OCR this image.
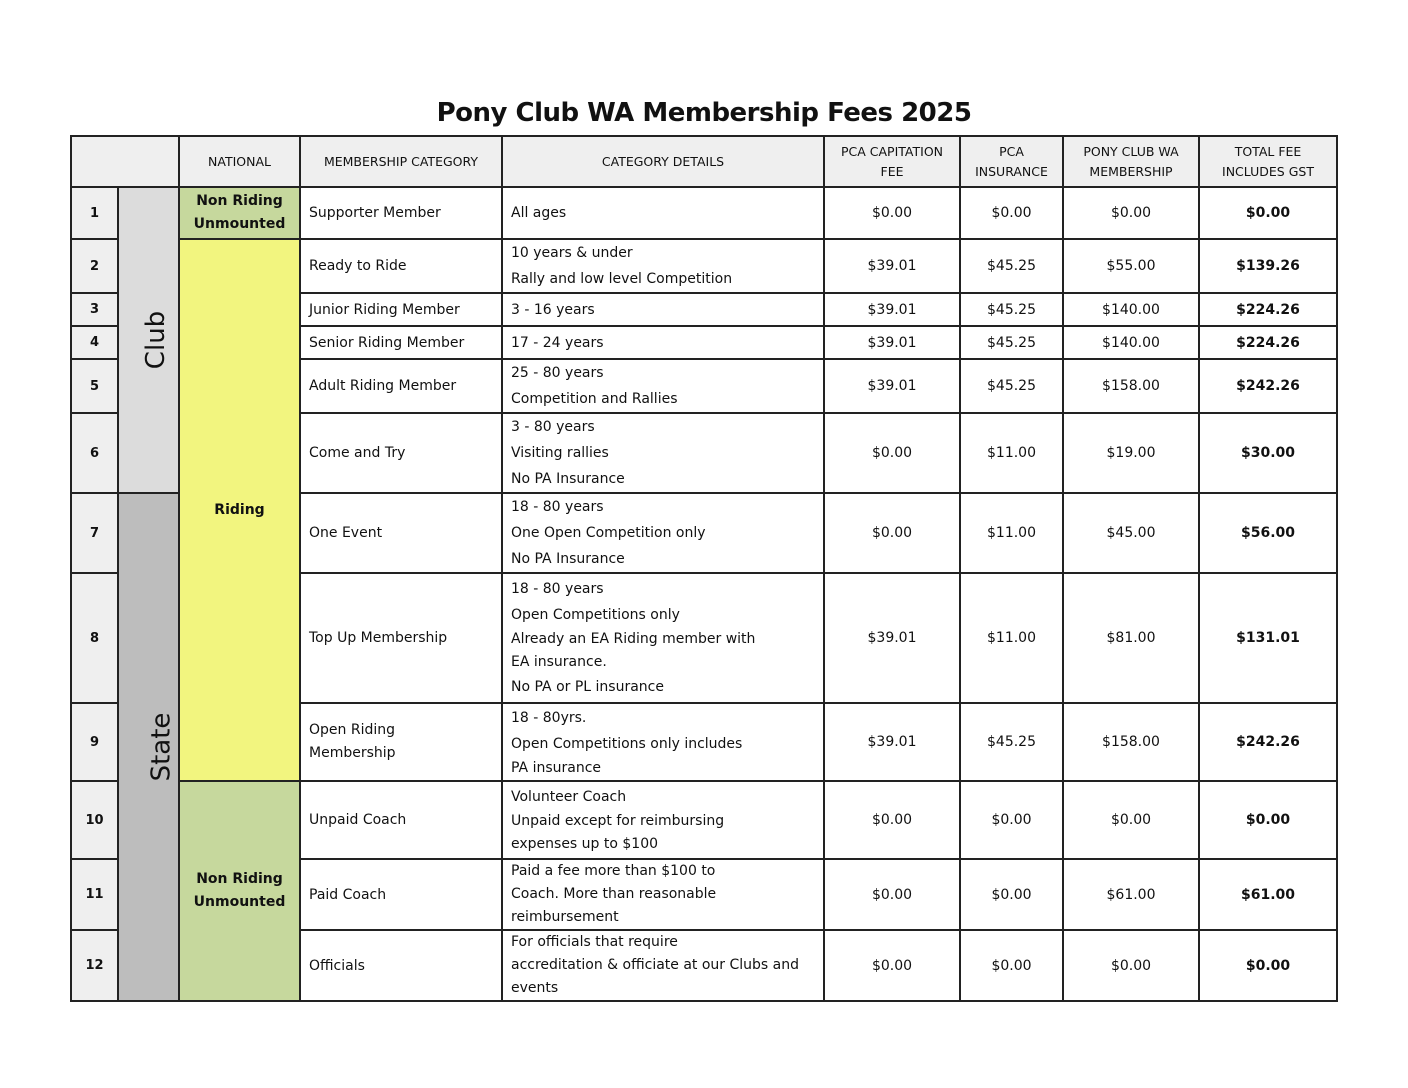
Pony Club WA Membership Fees 2025
		NATIONAL	MEMBERSHIP CATEGORY	CATEGORY DETAILS	PCA CAPITATION
FEE	PCA
INSURANCE	PONY CLUB WA
MEMBERSHIP	TOTAL FEE
INCLUDES GST
1	Club	Non Riding
Unmounted	Supporter Member	All ages	$0.00	$0.00	$0.00	$0.00
2		Riding	Ready to Ride	10 years & under
Rally and low level Competition	$39.01	$45.25	$55.00	$139.26
3			Junior Riding Member	3 - 16 years	$39.01	$45.25	$140.00	$224.26
4			Senior Riding Member	17 - 24 years	$39.01	$45.25	$140.00	$224.26
5			Adult Riding Member	25 - 80 years
Competition and Rallies	$39.01	$45.25	$158.00	$242.26
6			Come and Try	3 - 80 years
Visiting rallies
No PA Insurance	$0.00	$11.00	$19.00	$30.00
7	State		One Event	18 - 80 years
One Open Competition only
No PA Insurance	$0.00	$11.00	$45.00	$56.00
8			Top Up Membership	18 - 80 years
Open Competitions only
Already an EA Riding member with
EA insurance.
No PA or PL insurance	$39.01	$11.00	$81.00	$131.01
9			Open Riding
Membership	18 - 80yrs.
Open Competitions only includes
PA insurance	$39.01	$45.25	$158.00	$242.26
10		Non Riding
Unmounted	Unpaid Coach	Volunteer Coach
Unpaid except for reimbursing
expenses up to $100	$0.00	$0.00	$0.00	$0.00
11			Paid Coach	Paid a fee more than $100 to
Coach. More than reasonable
reimbursement	$0.00	$0.00	$61.00	$61.00
12			Officials	For officials that require
accreditation & officiate at our Clubs and
events	$0.00	$0.00	$0.00	$0.00
